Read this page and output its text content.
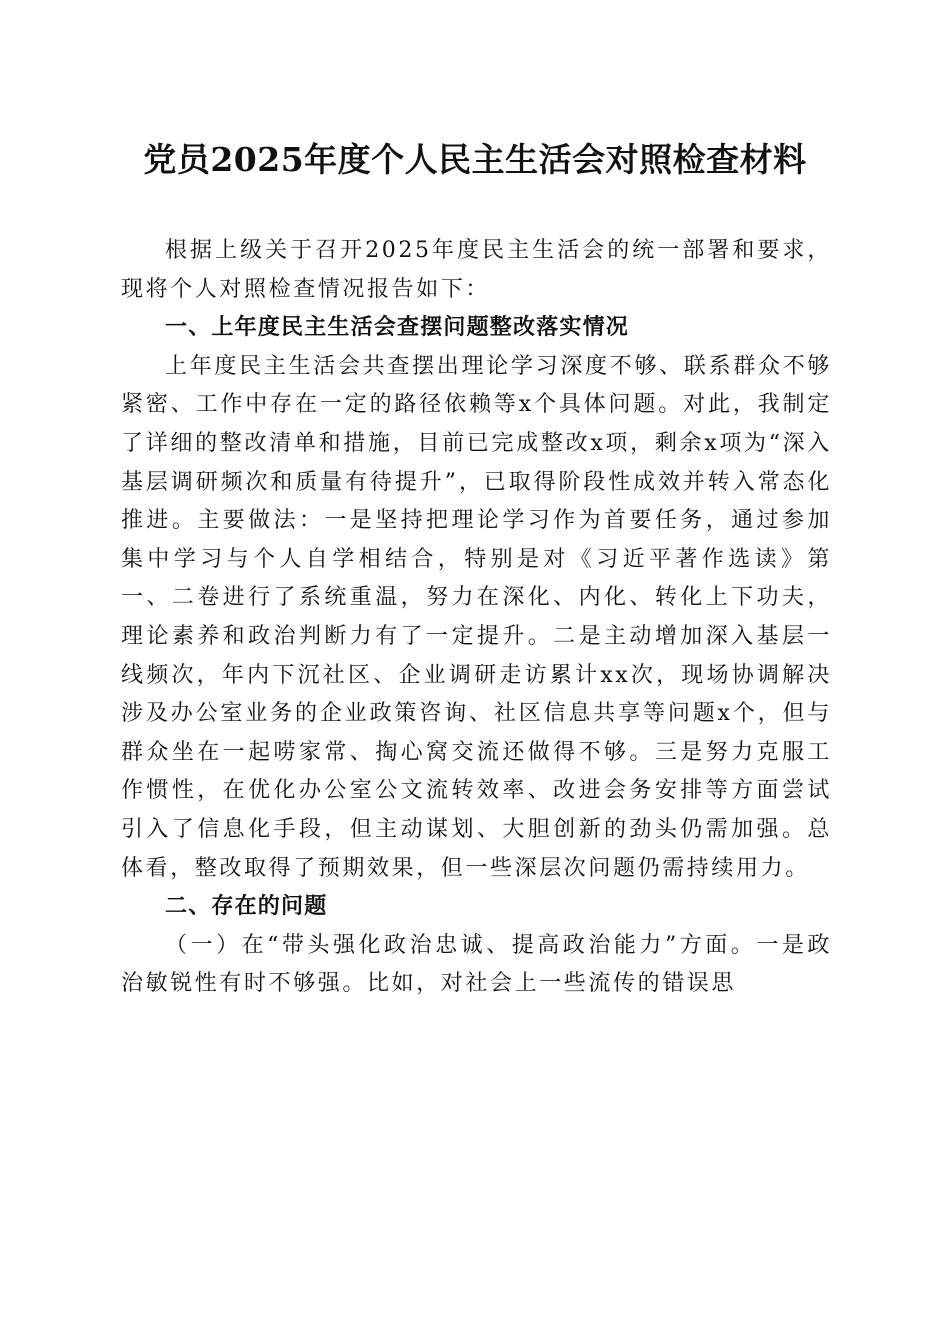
党员2025年度个人民主生活会对照检查材料

根据上级关于召开2025年度民主生活会的统一部署和要求，现将个人对照检查情况报告如下：

一、上年度民主生活会查摆问题整改落实情况

上年度民主生活会共查摆出理论学习深度不够、联系群众不够紧密、工作中存在一定的路径依赖等x个具体问题。对此，我制定了详细的整改清单和措施，目前已完成整改x项，剩余x项为“深入基层调研频次和质量有待提升”，已取得阶段性成效并转入常态化推进。主要做法：一是坚持把理论学习作为首要任务，通过参加集中学习与个人自学相结合，特别是对《习近平著作选读》第一、二卷进行了系统重温，努力在深化、内化、转化上下功夫，理论素养和政治判断力有了一定提升。二是主动增加深入基层一线频次，年内下沉社区、企业调研走访累计xx次，现场协调解决涉及办公室业务的企业政策咨询、社区信息共享等问题x个，但与群众坐在一起唠家常、掏心窝交流还做得不够。三是努力克服工作惯性，在优化办公室公文流转效率、改进会务安排等方面尝试引入了信息化手段，但主动谋划、大胆创新的劲头仍需加强。总体看，整改取得了预期效果，但一些深层次问题仍需持续用力。

二、存在的问题

（一）在“带头强化政治忠诚、提高政治能力”方面。一是政治敏锐性有时不够强。比如，对社会上一些流传的错误思
